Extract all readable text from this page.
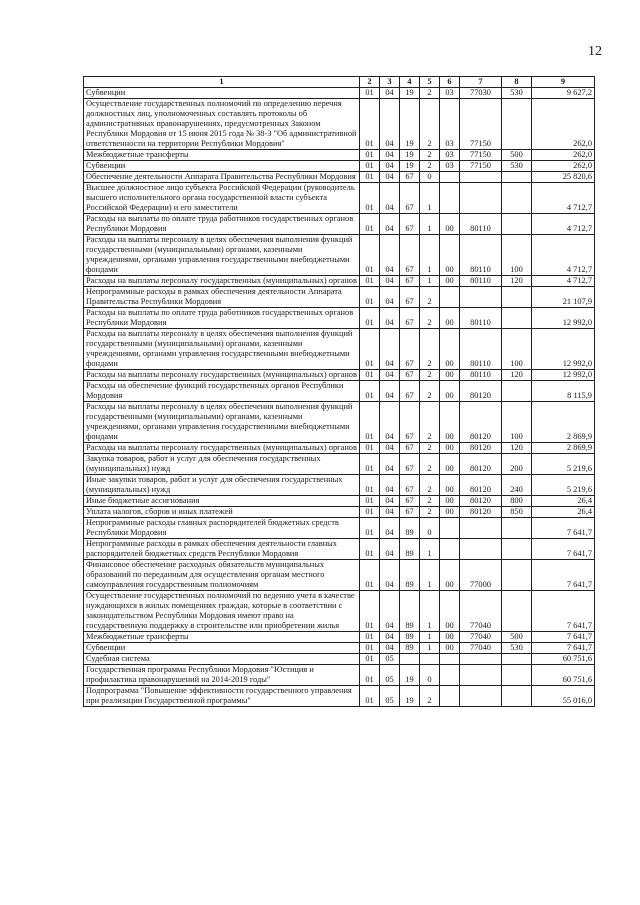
12
1	2	3	4	5	6	7	8	9
Субвенции	01	04	19	2	03	77030	530	9 627,2
Осуществление государственных полномочий по определению перечня должностных лиц, уполномоченных составлять протоколы об административных правонарушениях, предусмотренных Законом Республики Мордовия от 15 июня 2015 года № 38-З "Об административной ответственности на территории Республики Мордовия"	01	04	19	2	03	77150		262,0
Межбюджетные трансферты	01	04	19	2	03	77150	500	262,0
Субвенции	01	04	19	2	03	77150	530	262,0
Обеспечение деятельности Аппарата Правительства Республики Мордовия	01	04	67	0				25 820,6
Высшее должностное лицо субъекта Российской Федерации (руководитель высшего исполнительного органа государственной власти субъекта Российской Федерации) и его заместители	01	04	67	1				4 712,7
Расходы на выплаты по оплате труда работников государственных органов Республики Мордовия	01	04	67	1	00	80110		4 712,7
Расходы на выплаты персоналу в целях обеспечения выполнения функций государственными (муниципальными) органами, казенными учреждениями, органами управления государственными внебюджетными фондами	01	04	67	1	00	80110	100	4 712,7
Расходы на выплаты персоналу государственных (муниципальных) органов	01	04	67	1	00	80110	120	4 712,7
Непрограммные расходы в рамках обеспечения деятельности Аппарата Правительства Республики Мордовия	01	04	67	2				21 107,9
Расходы на выплаты по оплате труда работников государственных органов Республики Мордовия	01	04	67	2	00	80110		12 992,0
Расходы на выплаты персоналу в целях обеспечения выполнения функций государственными (муниципальными) органами, казенными учреждениями, органами управления государственными внебюджетными фондами	01	04	67	2	00	80110	100	12 992,0
Расходы на выплаты персоналу государственных (муниципальных) органов	01	04	67	2	00	80110	120	12 992,0
Расходы на обеспечение функций государственных органов Республики Мордовия	01	04	67	2	00	80120		8 115,9
Расходы на выплаты персоналу в целях обеспечения выполнения функций государственными (муниципальными) органами, казенными учреждениями, органами управления государственными внебюджетными фондами	01	04	67	2	00	80120	100	2 869,9
Расходы на выплаты персоналу государственных (муниципальных) органов	01	04	67	2	00	80120	120	2 869,9
Закупка товаров, работ и услуг для обеспечения государственных (муниципальных) нужд	01	04	67	2	00	80120	200	5 219,6
Иные закупки товаров, работ и услуг для обеспечения государственных (муниципальных) нужд	01	04	67	2	00	80120	240	5 219,6
Иные бюджетные ассигнования	01	04	67	2	00	80120	800	26,4
Уплата налогов, сборов и иных платежей	01	04	67	2	00	80120	850	26,4
Непрограммные расходы главных распорядителей бюджетных средств Республики Мордовия	01	04	89	0				7 641,7
Непрограммные расходы в рамках обеспечения деятельности главных распорядителей бюджетных средств Республики Мордовия	01	04	89	1				7 641,7
Финансовое обеспечение расходных обязательств муниципальных образований по переданным для осуществления органам местного самоуправления государственным полномочиям	01	04	89	1	00	77000		7 641,7
Осуществление государственных полномочий по ведению учета в качестве нуждающихся в жилых помещениях граждан, которые в соответствии с законодательством Республики Мордовия имеют право на государственную поддержку в строительстве или приобретении жилья	01	04	89	1	00	77040		7 641,7
Межбюджетные трансферты	01	04	89	1	00	77040	500	7 641,7
Субвенции	01	04	89	1	00	77040	530	7 641,7
Судебная система	01	05						60 751,6
Государственная программа Республики Мордовия "Юстиция и профилактика правонарушений на 2014-2019 годы"	01	05	19	0				60 751,6
Подпрограмма "Повышение эффективности государственного управления при реализации Государственной программы"	01	05	19	2				55 016,0
